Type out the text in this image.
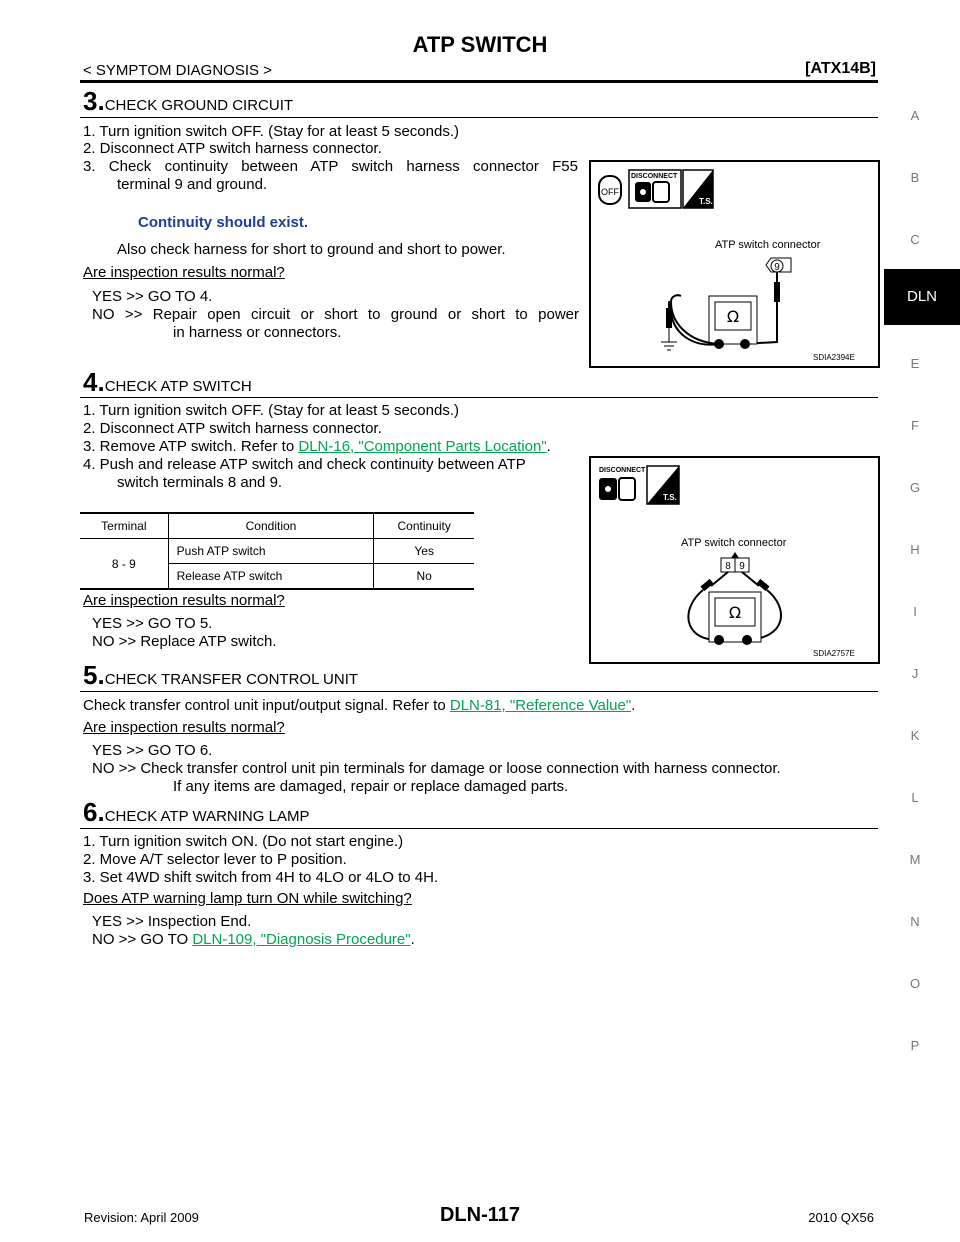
ATP SWITCH
< SYMPTOM DIAGNOSIS >	[ATX14B]
A
B
C
DLN
E
F
G
H
I
J
K
L
M
N
O
P
3.CHECK GROUND CIRCUIT
1. Turn ignition switch OFF. (Stay for at least 5 seconds.)
2. Disconnect ATP switch harness connector.
3. Check continuity between ATP switch harness connector F55
terminal 9 and ground.
Continuity should exist.
Also check harness for short to ground and short to power.
Are inspection results normal?
YES >> GO TO 4.
NO >> Repair open circuit or short to ground or short to power
in harness or connectors.
OFF
DISCONNECT
T.S.
ATP switch connector
9
Ω
SDIA2394E
4.CHECK ATP SWITCH
1. Turn ignition switch OFF. (Stay for at least 5 seconds.)
2. Disconnect ATP switch harness connector.
3. Remove ATP switch. Refer to DLN-16, "Component Parts Location".
4. Push and release ATP switch and check continuity between ATP
switch terminals 8 and 9.
Terminal	Condition	Continuity
8 - 9	Push ATP switch	Yes
	Release ATP switch	No
Are inspection results normal?
YES >> GO TO 5.
NO >> Replace ATP switch.
DISCONNECT
T.S.
ATP switch connector
8 9
Ω
SDIA2757E
5.CHECK TRANSFER CONTROL UNIT
Check transfer control unit input/output signal. Refer to DLN-81, "Reference Value".
Are inspection results normal?
YES >> GO TO 6.
NO >> Check transfer control unit pin terminals for damage or loose connection with harness connector.
If any items are damaged, repair or replace damaged parts.
6.CHECK ATP WARNING LAMP
1. Turn ignition switch ON. (Do not start engine.)
2. Move A/T selector lever to P position.
3. Set 4WD shift switch from 4H to 4LO or 4LO to 4H.
Does ATP warning lamp turn ON while switching?
YES >> Inspection End.
NO >> GO TO DLN-109, "Diagnosis Procedure".
Revision: April 2009	DLN-117	2010 QX56
